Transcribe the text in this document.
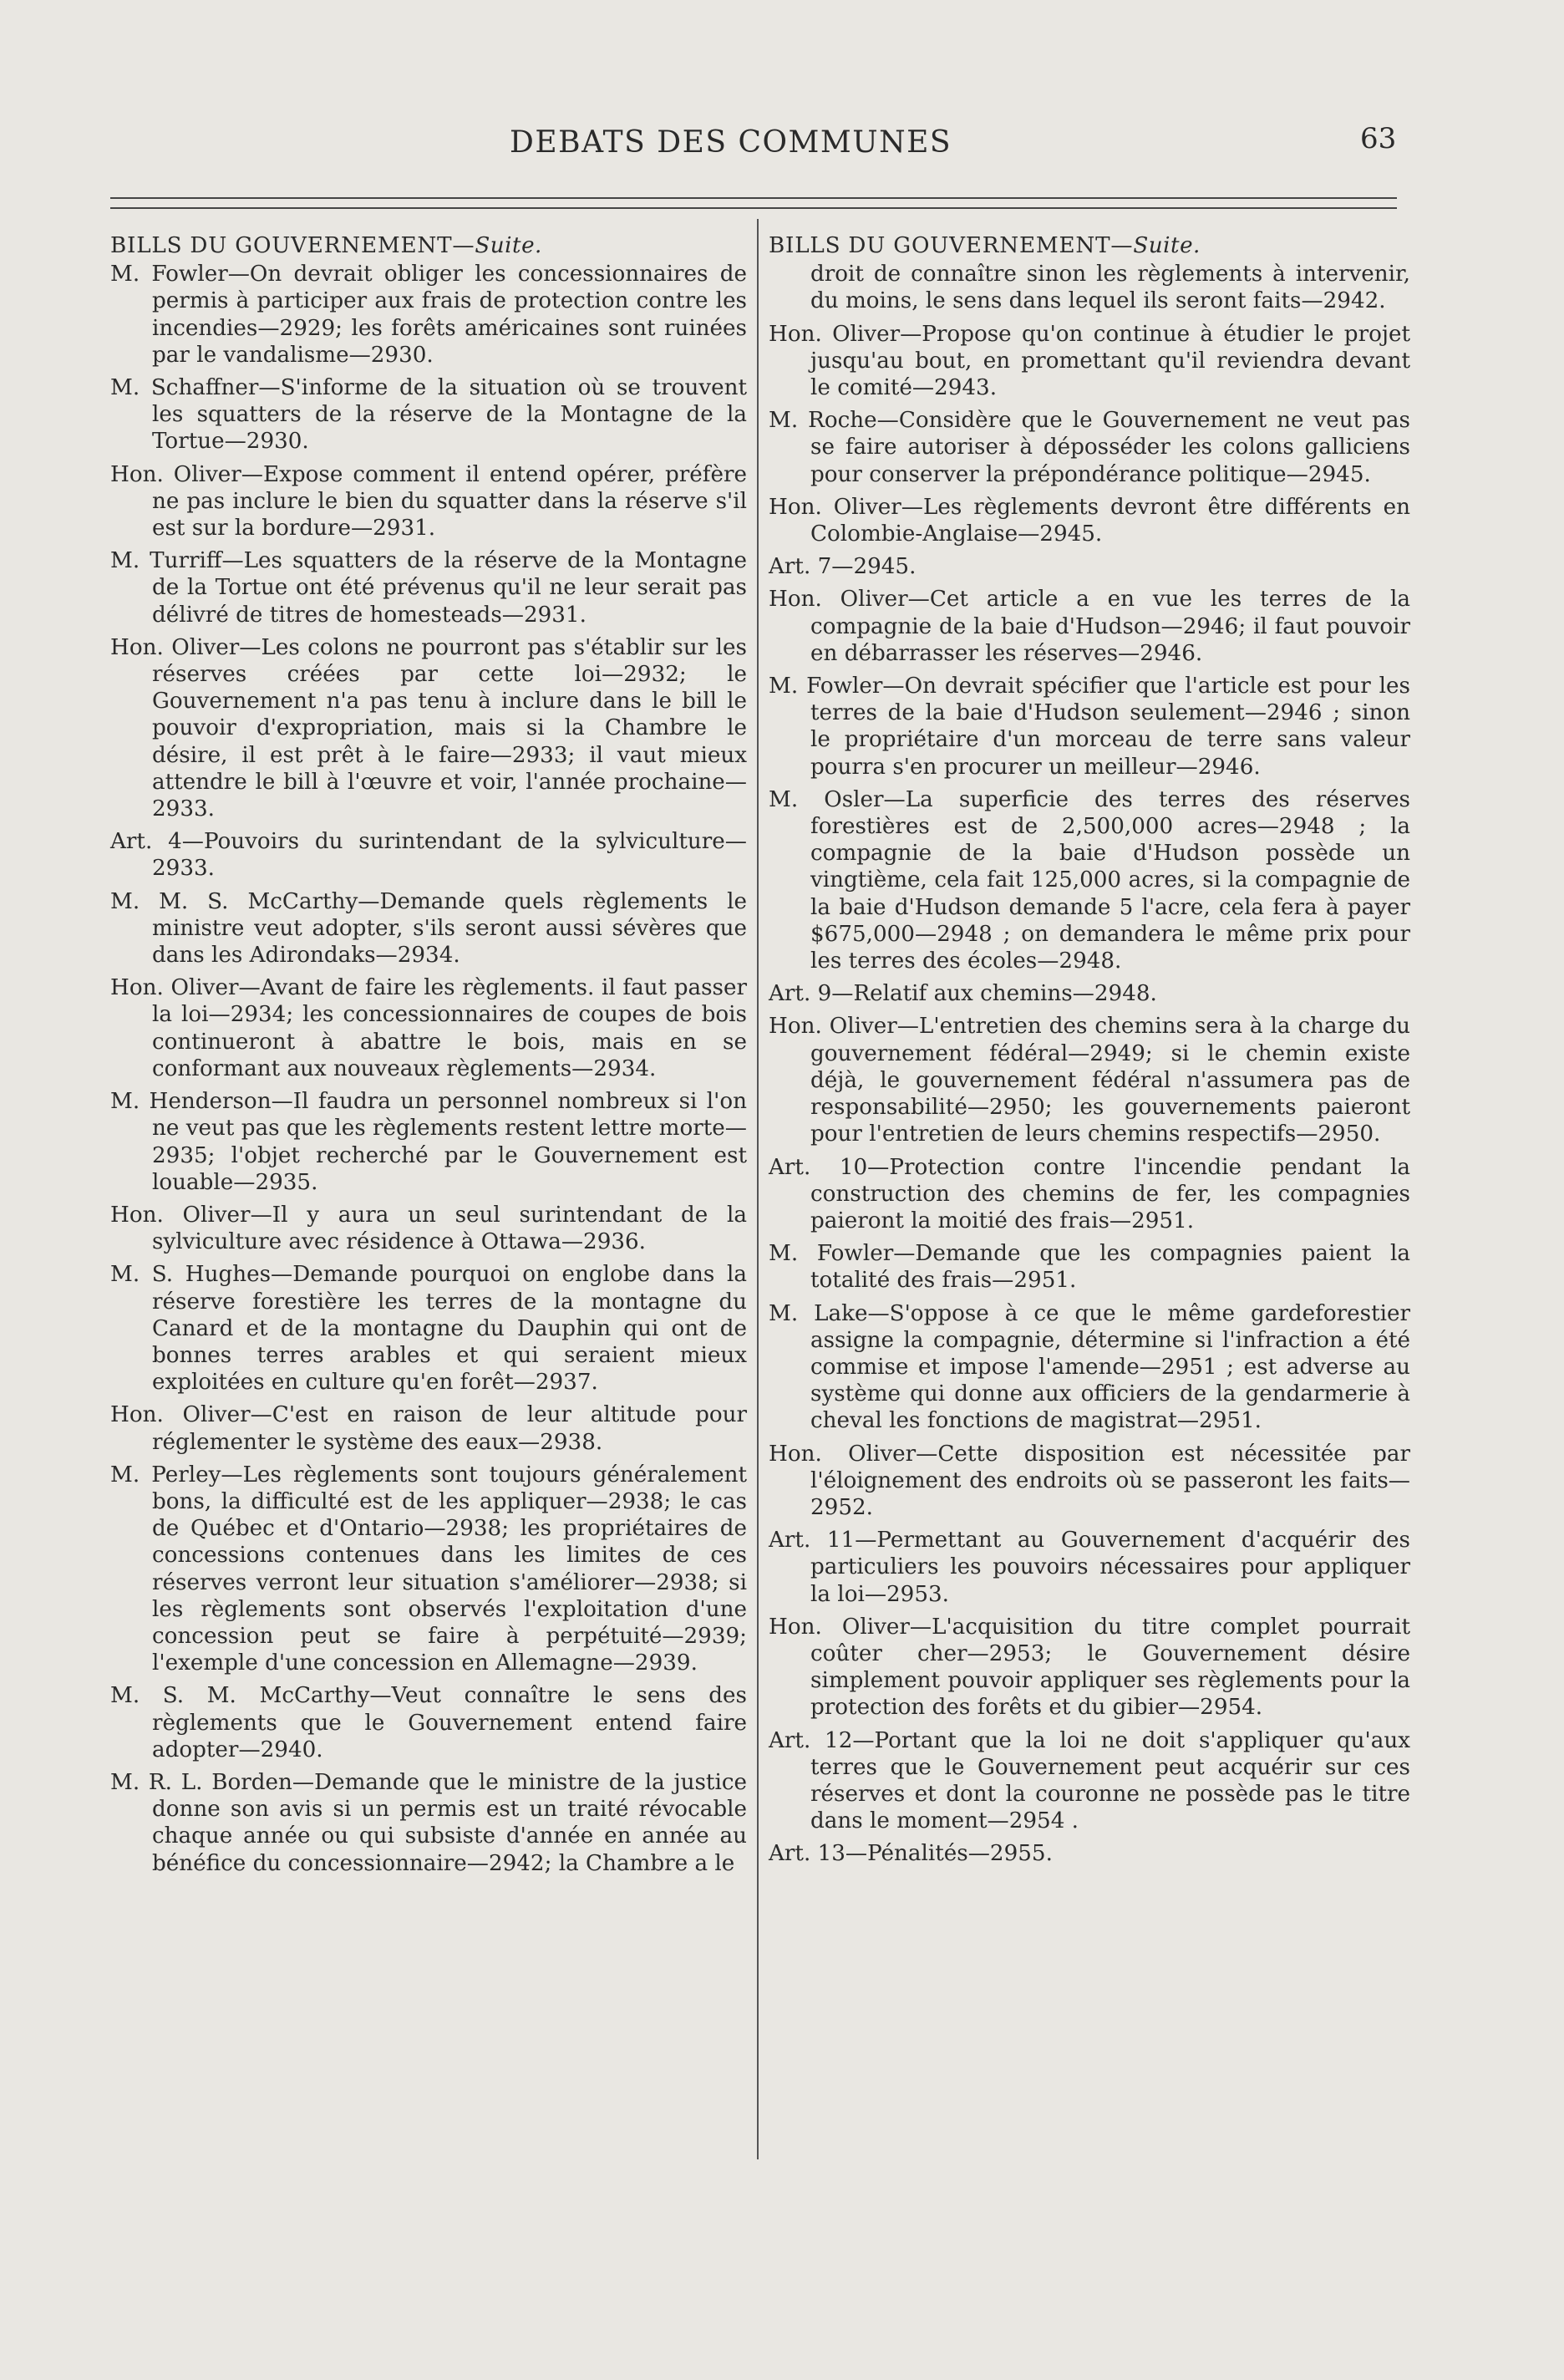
DEBATS DES COMMUNES	63
BILLS DU GOUVERNEMENT—Suite.

M. Fowler—On devrait obliger les concessionnaires de permis à participer aux frais de protection contre les incendies—2929; les forêts américaines sont ruinées par le vandalisme—2930.

M. Schaffner—S'informe de la situation où se trouvent les squatters de la réserve de la Montagne de la Tortue—2930.

Hon. Oliver—Expose comment il entend opérer, préfère ne pas inclure le bien du squatter dans la réserve s'il est sur la bordure—2931.

M. Turriff—Les squatters de la réserve de la Montagne de la Tortue ont été prévenus qu'il ne leur serait pas délivré de titres de homesteads—2931.

Hon. Oliver—Les colons ne pourront pas s'établir sur les réserves créées par cette loi—2932; le Gouvernement n'a pas tenu à inclure dans le bill le pouvoir d'expropriation, mais si la Chambre le désire, il est prêt à le faire—2933; il vaut mieux attendre le bill à l'œuvre et voir, l'année prochaine—2933.

Art. 4—Pouvoirs du surintendant de la sylviculture—2933.

M. M. S. McCarthy—Demande quels règlements le ministre veut adopter, s'ils seront aussi sévères que dans les Adirondaks—2934.

Hon. Oliver—Avant de faire les règlements. il faut passer la loi—2934; les concessionnaires de coupes de bois continueront à abattre le bois, mais en se conformant aux nouveaux règlements—2934.

M. Henderson—Il faudra un personnel nombreux si l'on ne veut pas que les règlements restent lettre morte—2935; l'objet recherché par le Gouvernement est louable—2935.

Hon. Oliver—Il y aura un seul surintendant de la sylviculture avec résidence à Ottawa—2936.

M. S. Hughes—Demande pourquoi on englobe dans la réserve forestière les terres de la montagne du Canard et de la montagne du Dauphin qui ont de bonnes terres arables et qui seraient mieux exploitées en culture qu'en forêt—2937.

Hon. Oliver—C'est en raison de leur altitude pour réglementer le système des eaux—2938.

M. Perley—Les règlements sont toujours généralement bons, la difficulté est de les appliquer—2938; le cas de Québec et d'Ontario—2938; les propriétaires de concessions contenues dans les limites de ces réserves verront leur situation s'améliorer—2938; si les règlements sont observés l'exploitation d'une concession peut se faire à perpétuité—2939; l'exemple d'une concession en Allemagne—2939.

M. S. M. McCarthy—Veut connaître le sens des règlements que le Gouvernement entend faire adopter—2940.

M. R. L. Borden—Demande que le ministre de la justice donne son avis si un permis est un traité révocable chaque année ou qui subsiste d'année en année au bénéfice du concessionnaire—2942; la Chambre a le

BILLS DU GOUVERNEMENT—Suite.

droit de connaître sinon les règlements à intervenir, du moins, le sens dans lequel ils seront faits—2942.

Hon. Oliver—Propose qu'on continue à étudier le projet jusqu'au bout, en promettant qu'il reviendra devant le comité—2943.

M. Roche—Considère que le Gouvernement ne veut pas se faire autoriser à déposséder les colons galliciens pour conserver la prépondérance politique—2945.

Hon. Oliver—Les règlements devront être différents en Colombie-Anglaise—2945.

Art. 7—2945.

Hon. Oliver—Cet article a en vue les terres de la compagnie de la baie d'Hudson—2946; il faut pouvoir en débarrasser les réserves—2946.

M. Fowler—On devrait spécifier que l'article est pour les terres de la baie d'Hudson seulement—2946 ; sinon le propriétaire d'un morceau de terre sans valeur pourra s'en procurer un meilleur—2946.

M. Osler—La superficie des terres des réserves forestières est de 2,500,000 acres—2948 ; la compagnie de la baie d'Hudson possède un vingtième, cela fait 125,000 acres, si la compagnie de la baie d'Hudson demande 5 l'acre, cela fera à payer $675,000—2948 ; on demandera le même prix pour les terres des écoles—2948.

Art. 9—Relatif aux chemins—2948.

Hon. Oliver—L'entretien des chemins sera à la charge du gouvernement fédéral—2949; si le chemin existe déjà, le gouvernement fédéral n'assumera pas de responsabilité—2950; les gouvernements paieront pour l'entretien de leurs chemins respectifs—2950.

Art. 10—Protection contre l'incendie pendant la construction des chemins de fer, les compagnies paieront la moitié des frais—2951.

M. Fowler—Demande que les compagnies paient la totalité des frais—2951.

M. Lake—S'oppose à ce que le même gardeforestier assigne la compagnie, détermine si l'infraction a été commise et impose l'amende—2951 ; est adverse au système qui donne aux officiers de la gendarmerie à cheval les fonctions de magistrat—2951.

Hon. Oliver—Cette disposition est nécessitée par l'éloignement des endroits où se passeront les faits—2952.

Art. 11—Permettant au Gouvernement d'acquérir des particuliers les pouvoirs nécessaires pour appliquer la loi—2953.

Hon. Oliver—L'acquisition du titre complet pourrait coûter cher—2953; le Gouvernement désire simplement pouvoir appliquer ses règlements pour la protection des forêts et du gibier—2954.

Art. 12—Portant que la loi ne doit s'appliquer qu'aux terres que le Gouvernement peut acquérir sur ces réserves et dont la couronne ne possède pas le titre dans le moment—2954 .

Art. 13—Pénalités—2955.
